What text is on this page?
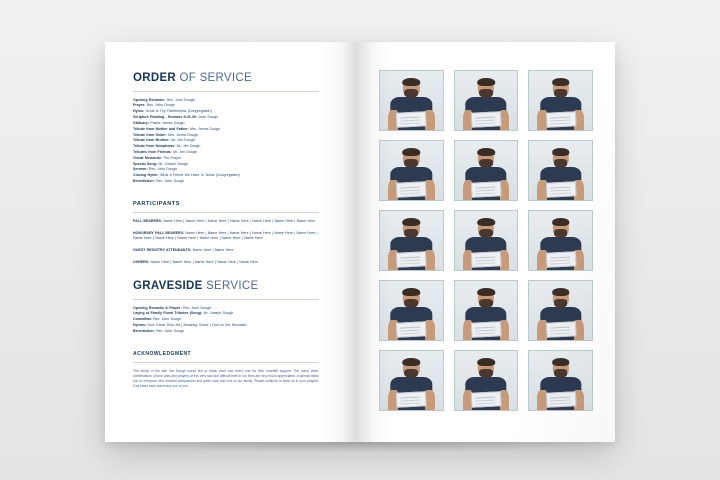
ORDER OF SERVICE

Opening Remarks: Rev. John Dough

Prayer: Rev. John Dough

Hymn: Great Is Thy Faithfulness (Congregation)

Scripture Reading - Romans 8:31-39: Jean Dough

Obituary: Pastor James Dough

Tribute from Mother and Father: Mrs. Jenna Dough

Tribute from Sister: Mrs. Jenna Dough

Tribute from Brother: Mr. Jim Dough

Tribute from Newphews: Mr. Jim Dough

Tributes from Friends: Mr. Jim Dough

Visual Memorial: The Prayer

Special Song: Mr. Joseph Dough

Sermon: Rev. John Dough

Closing Hymn: What a Friend We Have In Jesus (Congregation)

Benediction: Rev. John Dough

PARTICIPANTS

PALL BEARERS: Name Here | Name Here | Name Here | Name Here | Name Here | Name Here | Name Here

HONORARY PALL BEARERS: Name Here | Name Here | Name Here | Name Here | Name Here | Name Here | Name Here | Name Here | Name Here | Name Here | Name Here | Name Here

GUEST REGISTRY ATTENDANTS: Name Here | Name Here

USHERS: Name Here | Name Here | Name Here | Name Here | Name Here

GRAVESIDE SERVICE

Opening Remarks & Prayer: Rev. John Dough

Laying of Family Floral Tributes (Song): Mr. Joseph Dough

Committal: Rev. John Dough

Hymns: How Great Thou Art | Amazing Grace | God on the Mountain

Benediction: Rev. John Dough

ACKNOWLEDGMENT

The family of the late Joe Dough would like to thank each and every one for their heartfelt support. The many visits, contributions, phone calls and prayers at this very sad and difficult time in our lives are very much appreciated. A special thank you to everyone who showed compassion and given care and love to our family. Please continue to keep us in your prayers. God bless each and every one of you.
